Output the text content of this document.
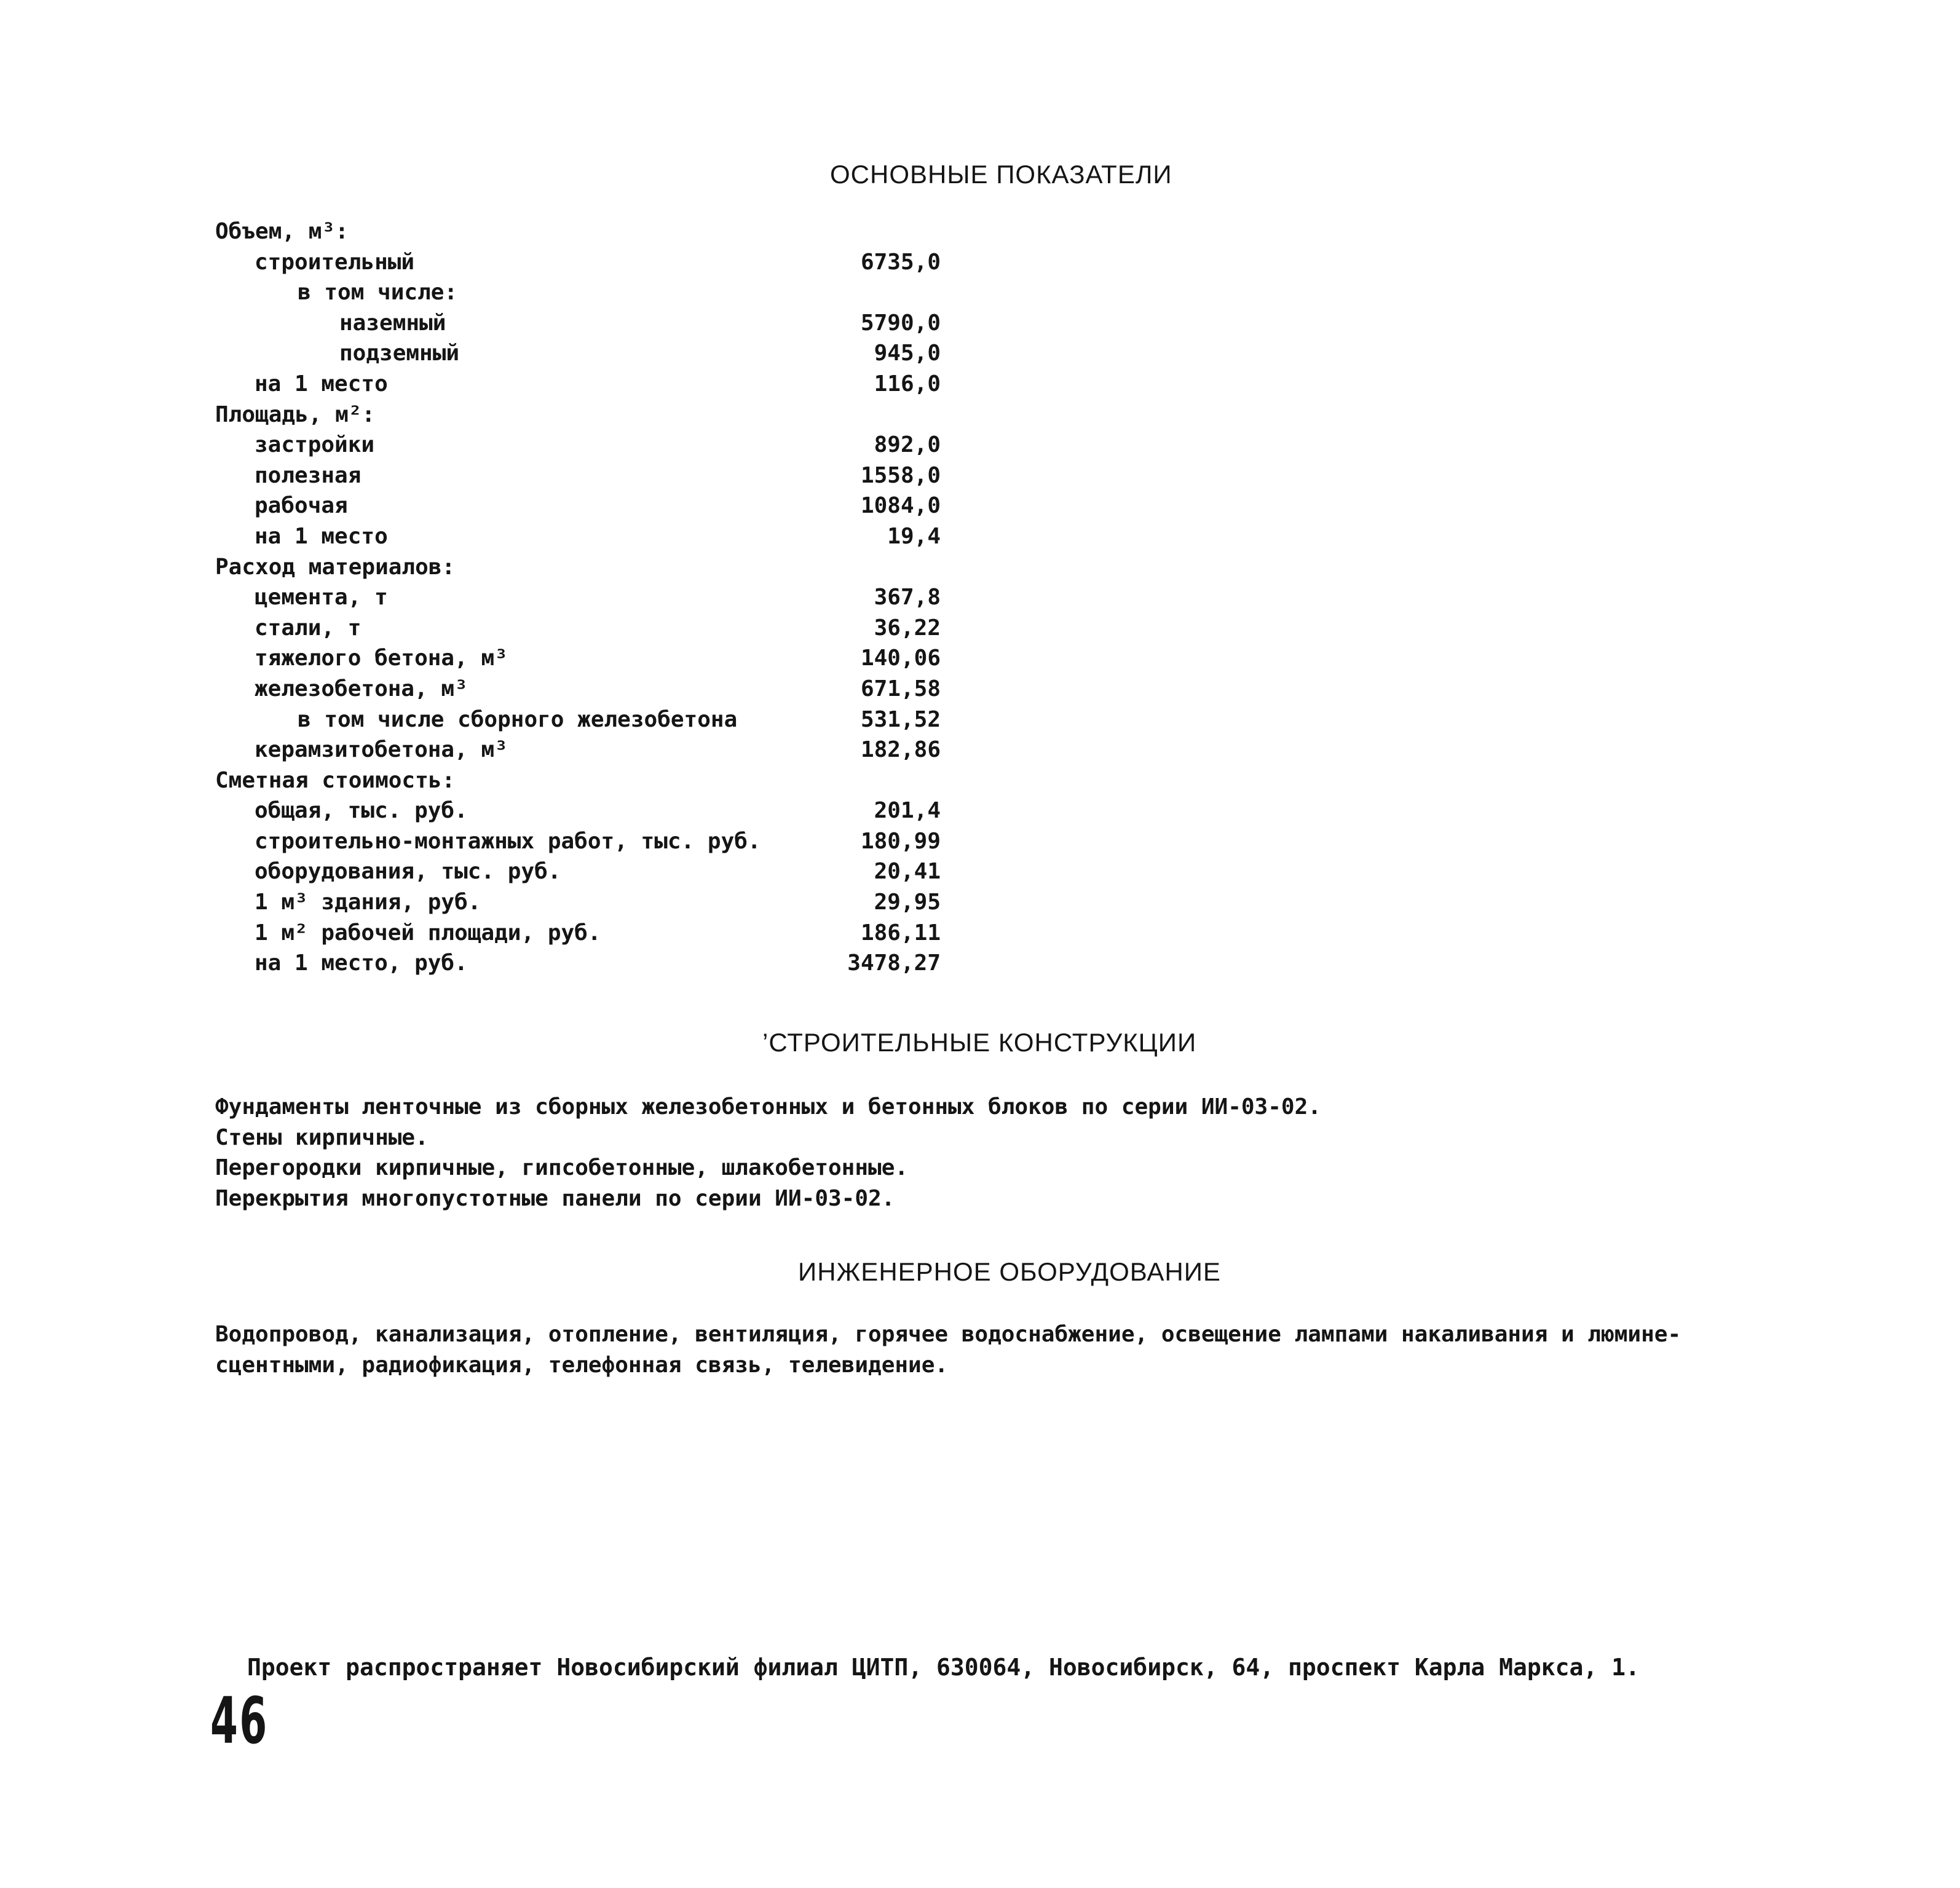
ОСНОВНЫЕ ПОКАЗАТЕЛИ
Объем, м³:
строительный	6735,0
в том числе:
наземный	5790,0
подземный	945,0
на 1 место	116,0
Площадь, м²:
застройки	892,0
полезная	1558,0
рабочая	1084,0
на 1 место	19,4
Расход материалов:
цемента, т	367,8
стали, т	36,22
тяжелого бетона, м³	140,06
железобетона, м³	671,58
в том числе сборного железобетона	531,52
керамзитобетона, м³	182,86
Сметная стоимость:
общая, тыс. руб.	201,4
строительно-монтажных работ, тыс. руб.	180,99
оборудования, тыс. руб.	20,41
1 м³ здания, руб.	29,95
1 м² рабочей площади, руб.	186,11
на 1 место, руб.	3478,27
’СТРОИТЕЛЬНЫЕ КОНСТРУКЦИИ
Фундаменты ленточные из сборных железобетонных и бетонных блоков по серии ИИ-03-02.
Стены кирпичные.
Перегородки кирпичные, гипсобетонные, шлакобетонные.
Перекрытия многопустотные панели по серии ИИ-03-02.
ИНЖЕНЕРНОЕ ОБОРУДОВАНИЕ
Водопровод, канализация, отопление, вентиляция, горячее водоснабжение, освещение лампами накаливания и люмине-
сцентными, радиофикация, телефонная связь, телевидение.
Проект распространяет Новосибирский филиал ЦИТП, 630064, Новосибирск, 64, проспект Карла Маркса, 1.
46
